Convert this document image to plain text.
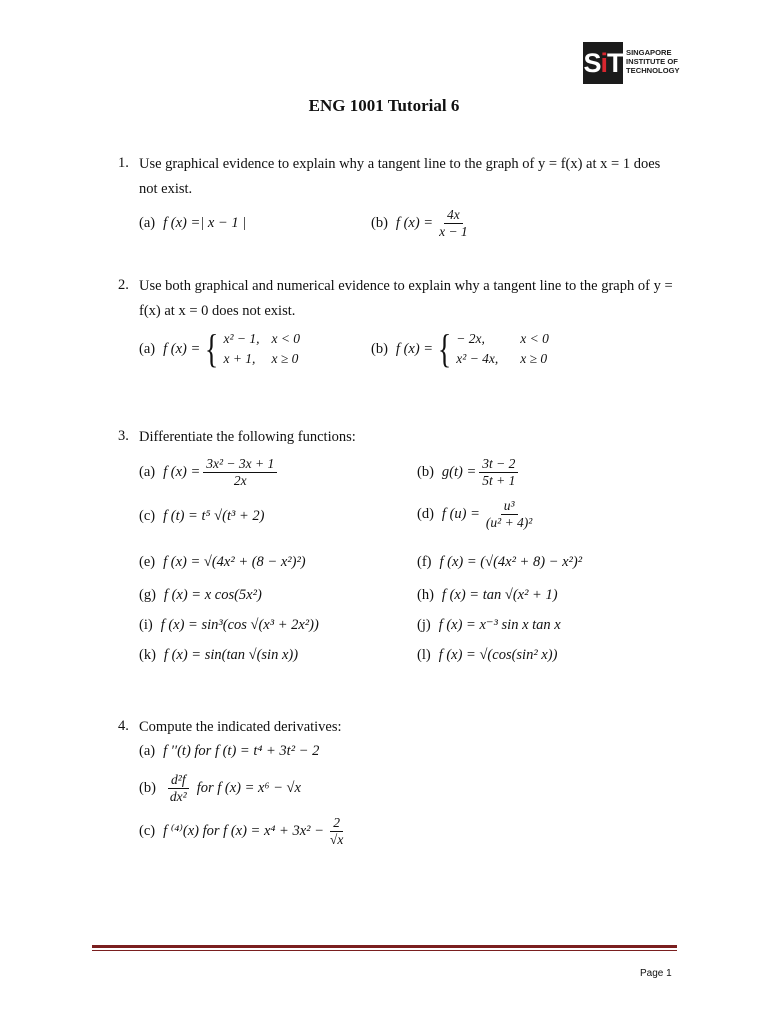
SiT SINGAPORE
INSTITUTE OF
TECHNOLOGY
ENG 1001 Tutorial 6
1. Use graphical evidence to explain why a tangent line to the graph of y = f(x) at x = 1 does not exist.
(a) f (x) =| x − 1 |	(b) f $(x) = \frac{4x}{x - 1}$
2. Use both graphical and numerical evidence to explain why a tangent line to the graph of y = f(x) at x = 0 does not exist.
(a) f (x) = { x² − 1, x < 0
x + 1, x ≥ 0
(b) f (x) = { − 2x,	x < 0
x² − 4x, x ≥ 0
3. Differentiate the following functions:
(a) f $(x) = \frac{\text{3x² − 3x + 1}}{2x}$	(b) $g(t) = \frac{3t - 2}{5t + 1}$
(c) f (t) = t⁵ √(t³ + 2)	(d) f $(u) = \frac{\text{u³}}{\text{(u² + 4)²}}$
(e) f (x) = √(4x² + (8 − x²)²)	(f) f (x) = (√(4x² + 8) − x²)²
(g) f (x) = x cos(5x²)	(h) f (x) = tan √(x² + 1)
(i) f (x) = sin³(cos √(x³ + 2x²))	(j) f (x) = x⁻³ sin x tan x
(k) f (x) = sin(tan √(sin x))	(l) f (x) = √(cos(sin² x))
4. Compute the indicated derivatives:
(a) f ′′(t) for f (t) = t⁴ + 3t² − 2
$(b) \frac{\text{d²f}}{\text{dx²}}$ for f (x) = x⁶ − √x
(c) f ⁽⁴⁾(x) for f $(x) = x^4 + 3x^2 - \frac{2}{√x}$
Page 1
